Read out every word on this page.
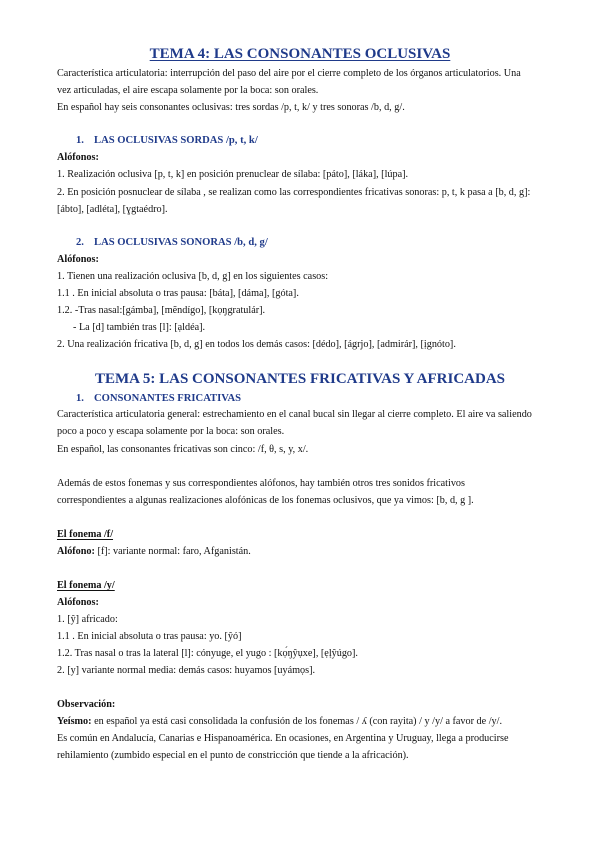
TEMA 4: LAS CONSONANTES OCLUSIVAS

Característica articulatoria: interrupción del paso del aire por el cierre completo de los órganos articulatorios. Una

vez articuladas, el aire escapa solamente por la boca: son orales.

En español hay seis consonantes oclusivas: tres sordas /p, t, k/ y tres sonoras /b, d, g/.

1. LAS OCLUSIVAS SORDAS /p, t, k/

Alófonos:

1. Realización oclusiva [p, t, k] en posición prenuclear de sílaba: [páto], [láka], [lúpa].

2. En posición posnuclear de sílaba , se realizan como las correspondientes fricativas sonoras: p, t, k pasa a [b, d, g]:

[ábto], [adléta], [ɣgtaédro].

2. LAS OCLUSIVAS SONORAS /b, d, g/

Alófonos:

1. Tienen una realización oclusiva [b, d, g] en los siguientes casos:

1.1 . En inicial absoluta o tras pausa: [báta], [dáma], [góta].

1.2. -Tras nasal:[gámba], [mẽndígo], [kọŋgratulár].

- La [d] también tras [l]: [ạldéa].

2. Una realización fricativa [b, d, g] en todos los demás casos: [dédo], [ágrjo], [admirár], [ịgnóto].

TEMA 5: LAS CONSONANTES FRICATIVAS Y AFRICADAS
1. CONSONANTES FRICATIVAS

Característica articulatoria general: estrechamiento en el canal bucal sin llegar al cierre completo. El aire va saliendo

poco a poco y escapa solamente por la boca: son orales.

En español, las consonantes fricativas son cinco: /f, θ, s, y, x/.

Además de estos fonemas y sus correspondientes alófonos, hay también otros tres sonidos fricativos

correspondientes a algunas realizaciones alofónicas de los fonemas oclusivos, que ya vimos: [b, d, g ].

El fonema /f/

Alófono: [f]: variante normal: faro, Afganistán.

El fonema /y/

Alófonos:

1. [ŷ] africado:

1.1 . En inicial absoluta o tras pausa: yo. [ŷó]

1.2. Tras nasal o tras la lateral [l]: cónyuge, el yugo : [kọ́ŋŷụxe], [ẹḷŷúgo].

2. [y] variante normal media: demás casos: huyamos [uyámọs].

Observación:

Yeísmo: en español ya está casi consolidada la confusión de los fonemas / ʎ (con rayita) / y /y/ a favor de /y/.

Es común en Andalucía, Canarias e Hispanoamérica. En ocasiones, en Argentina y Uruguay, llega a producirse

rehilamiento (zumbido especial en el punto de constricción que tiende a la africación).
